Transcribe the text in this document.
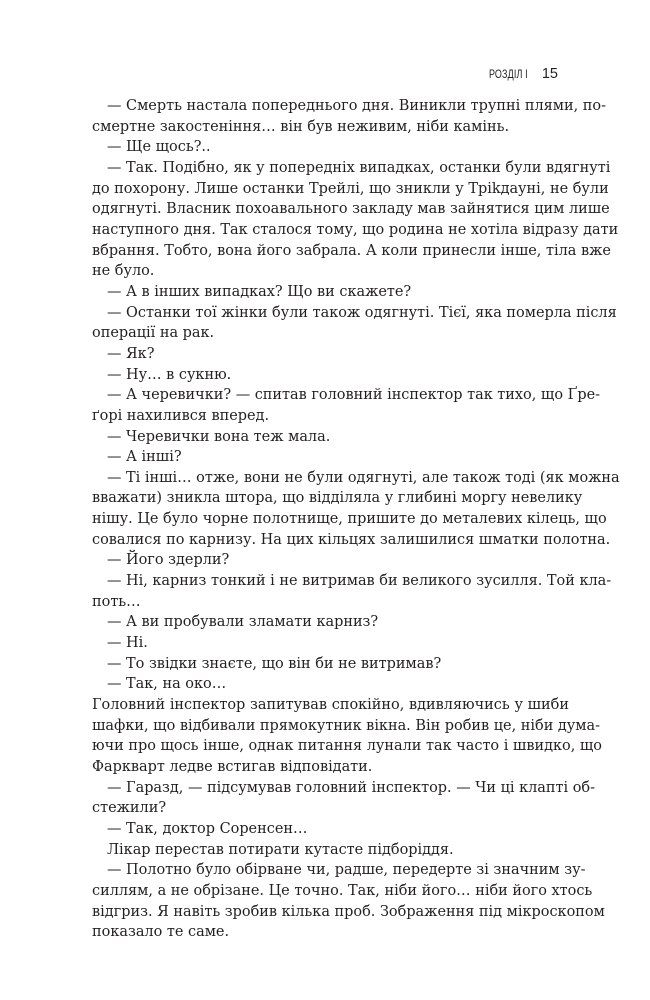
РОЗДІЛ I 15

— Смерть настала попереднього дня. Виникли трупні плями, по-
смертне закостеніння… він був неживим, ніби камінь.

— Ще щось?..

— Так. Подібно, як у попередніх випадках, останки були вдягнуті
до похорону. Лише останки Трейлі, що зникли у Тріkдауні, не були
одягнуті. Власник похоавального закладу мав зайнятися цим лише
наступного дня. Так сталося тому, що родина не хотіла відразу дати
вбрання. Тобто, вона його забрала. А коли принесли інше, тіла вже
не було.

— А в інших випадках? Що ви скажете?

— Останки тої жінки були також одягнуті. Тієї, яка померла після
операції на рак.

— Як?

— Ну… в сукню.

— А черевички? — спитав головний інспектор так тихо, що Ґре-
ґорі нахилився вперед.

— Черевички вона теж мала.

— А інші?

— Ті інші… отже, вони не були одягнуті, але також тоді (як можна
вважати) зникла штора, що відділяла у глибині моргу невелику
нішу. Це було чорне полотнище, пришите до металевих кілець, що
совалися по карнизу. На цих кільцях залишилися шматки полотна.

— Його здерли?

— Ні, карниз тонкий і не витримав би великого зусилля. Той кла-
поть…

— А ви пробували зламати карниз?

— Ні.

— То звідки знаєте, що він би не витримав?

— Так, на око…

Головний інспектор запитував спокійно, вдивляючись у шиби
шафки, що відбивали прямокутник вікна. Він робив це, ніби дума-
ючи про щось інше, однак питання лунали так часто і швидко, що
Фаркварт ледве встигав відповідати.

— Гаразд, — підсумував головний інспектор. — Чи ці клапті об-
стежили?

— Так, доктор Соренсен…

Лікар перестав потирати кутасте підборіддя.

— Полотно було обірване чи, радше, передерте зі значним зу-
силлям, а не обрізане. Це точно. Так, ніби його… ніби його хтось
відгриз. Я навіть зробив кілька проб. Зображення під мікроскопом
показало те саме.
